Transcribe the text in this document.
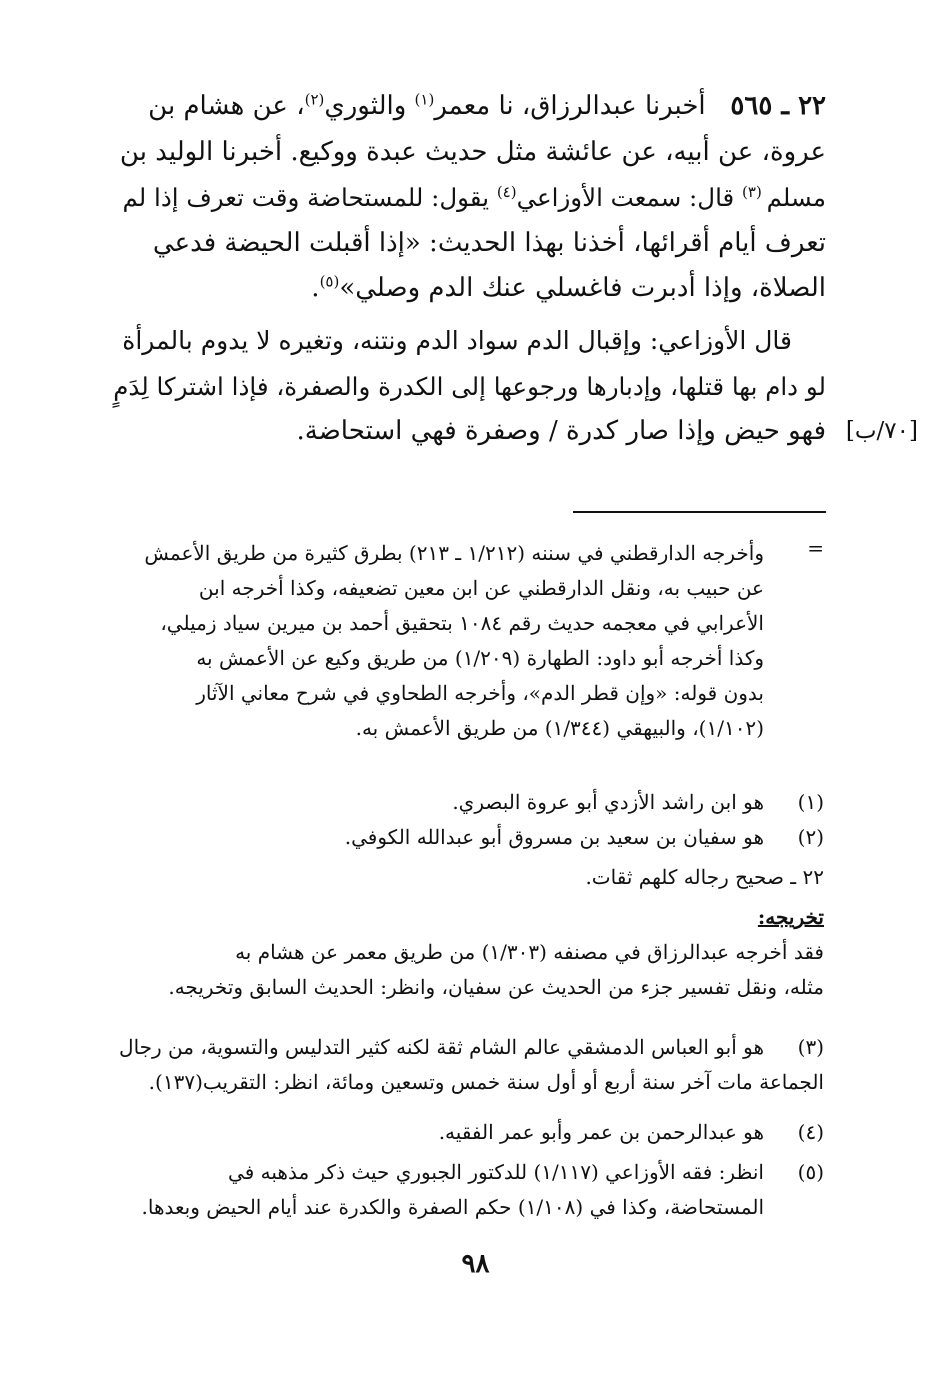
٢٢ ـ ٥٦٥   أخبرنا عبدالرزاق، نا معمر$^{(١)}$ والثوري$^{(٢)}$، عن هشام بن

عروة، عن أبيه، عن عائشة مثل حديث عبدة ووكيع. أخبرنا الوليد بن

مسلم $^{(٣)}$ قال: سمعت الأوزاعي$^{(٤)}$ يقول: للمستحاضة وقت تعرف إذا لم

تعرف أيام أقرائها، أخذنا بهذا الحديث: «إذا أقبلت الحيضة فدعي

الصلاة، وإذا أدبرت فاغسلي عنك الدم وصلي»$^{(٥)}$.

قال الأوزاعي: وإقبال الدم سواد الدم ونتنه، وتغيره لا يدوم بالمرأة

لو دام بها قتلها، وإدبارها ورجوعها إلى الكدرة والصفرة، فإذا اشتركا لِدَمٍ

فهو حيض وإذا صار كدرة / وصفرة فهي استحاضة. [٧٠/ب]
=
وأخرجه الدارقطني في سننه (١/٢١٢ ـ ٢١٣) بطرق كثيرة من طريق الأعمش
عن حبيب به، ونقل الدارقطني عن ابن معين تضعيفه، وكذا أخرجه ابن
الأعرابي في معجمه حديث رقم ١٠٨٤ بتحقيق أحمد بن ميرين سياد زميلي،
وكذا أخرجه أبو داود: الطهارة (١/٢٠٩) من طريق وكيع عن الأعمش به
بدون قوله: «وإن قطر الدم»، وأخرجه الطحاوي في شرح معاني الآثار
(١/١٠٢)، والبيهقي (١/٣٤٤) من طريق الأعمش به.
(١)
هو ابن راشد الأزدي أبو عروة البصري.
(٢)
هو سفيان بن سعيد بن مسروق أبو عبدالله الكوفي.
٢٢ ـ صحيح رجاله كلهم ثقات.
تخريجه:
فقد أخرجه عبدالرزاق في مصنفه (١/٣٠٣) من طريق معمر عن هشام به
مثله، ونقل تفسير جزء من الحديث عن سفيان، وانظر: الحديث السابق وتخريجه.
(٣)
هو أبو العباس الدمشقي عالم الشام ثقة لكنه كثير التدليس والتسوية، من رجال
الجماعة مات آخر سنة أربع أو أول سنة خمس وتسعين ومائة، انظر: التقريب(١٣٧).
(٤)
هو عبدالرحمن بن عمر وأبو عمر الفقيه.
(٥)
انظر: فقه الأوزاعي (١/١١٧) للدكتور الجبوري حيث ذكر مذهبه في
المستحاضة، وكذا في (١/١٠٨) حكم الصفرة والكدرة عند أيام الحيض وبعدها.
٩٨
